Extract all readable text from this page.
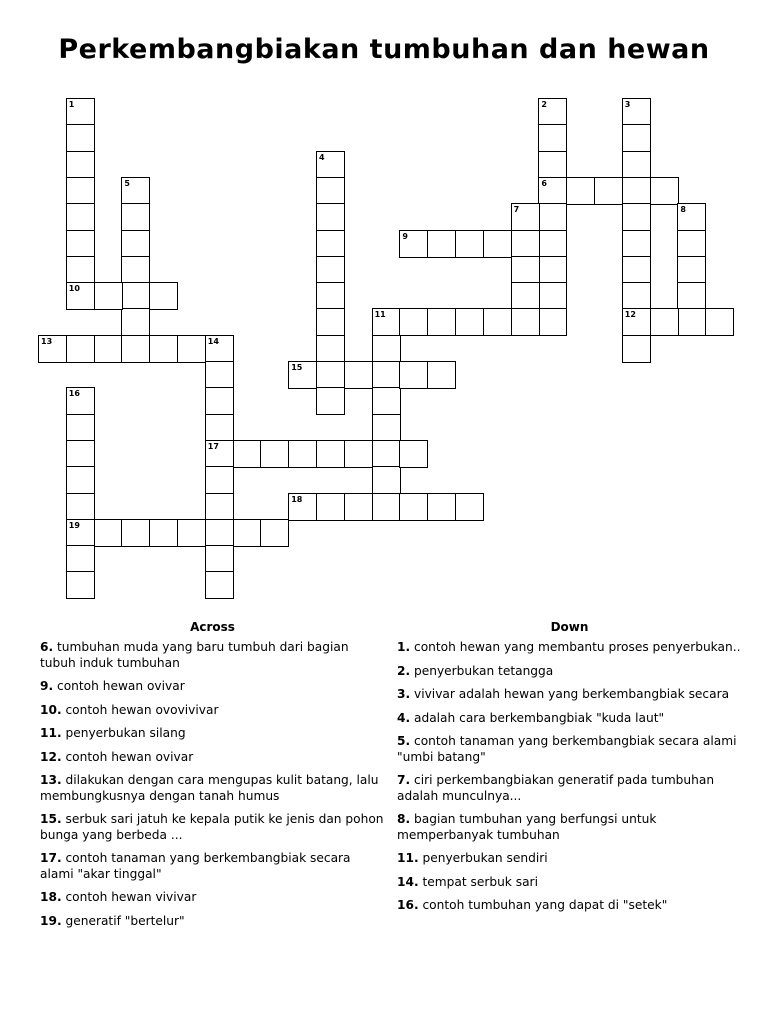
Perkembangbiakan tumbuhan dan hewan
1
10
2
6
3
12
4
5
7	8
9
11
13	14
17
15
16
19
18
Across
6. tumbuhan muda yang baru tumbuh dari bagian tubuh induk tumbuhan
9. contoh hewan ovivar
10. contoh hewan ovovivivar
11. penyerbukan silang
12. contoh hewan ovivar
13. dilakukan dengan cara mengupas kulit batang, lalu membungkusnya dengan tanah humus
15. serbuk sari jatuh ke kepala putik ke jenis dan pohon bunga yang berbeda ...
17. contoh tanaman yang berkembangbiak secara alami "akar tinggal"
18. contoh hewan vivivar
19. generatif "bertelur"
Down
1. contoh hewan yang membantu proses penyerbukan..
2. penyerbukan tetangga
3. vivivar adalah hewan yang berkembangbiak secara
4. adalah cara berkembangbiak "kuda laut"
5. contoh tanaman yang berkembangbiak secara alami "umbi batang"
7. ciri perkembangbiakan generatif pada tumbuhan adalah munculnya...
8. bagian tumbuhan yang berfungsi untuk memperbanyak tumbuhan
11. penyerbukan sendiri
14. tempat serbuk sari
16. contoh tumbuhan yang dapat di "setek"
